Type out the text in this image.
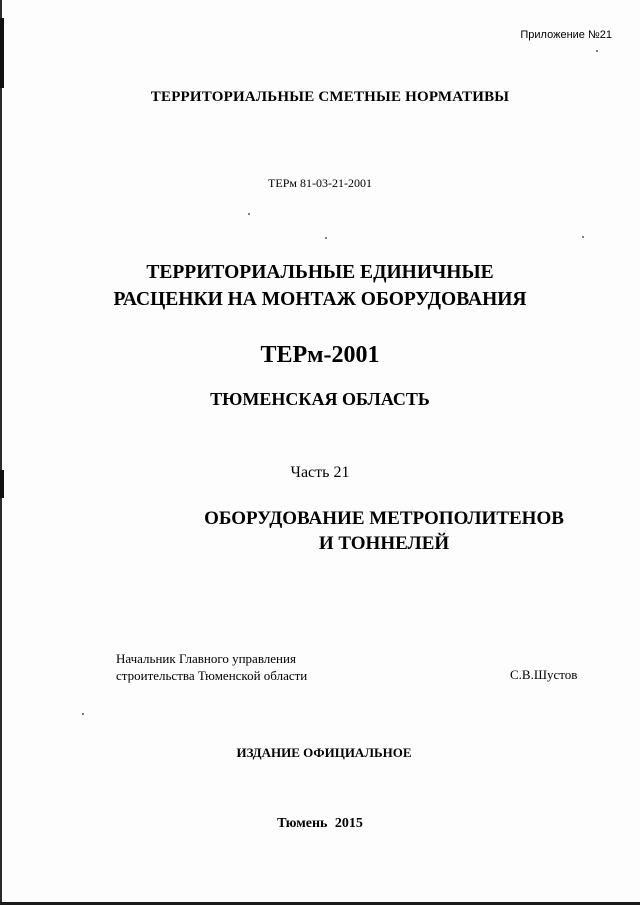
Приложение №21
ТЕРРИТОРИАЛЬНЫЕ СМЕТНЫЕ НОРМАТИВЫ
ТЕРм 81-03-21-2001
ТЕРРИТОРИАЛЬНЫЕ ЕДИНИЧНЫЕ
РАСЦЕНКИ НА МОНТАЖ ОБОРУДОВАНИЯ
ТЕРм-2001
ТЮМЕНСКАЯ ОБЛАСТЬ
Часть 21
ОБОРУДОВАНИЕ МЕТРОПОЛИТЕНОВ
И ТОННЕЛЕЙ
Начальник Главного управления
строительства Тюменской области	С.В.Шустов
ИЗДАНИЕ ОФИЦИАЛЬНОЕ
Тюмень 2015
